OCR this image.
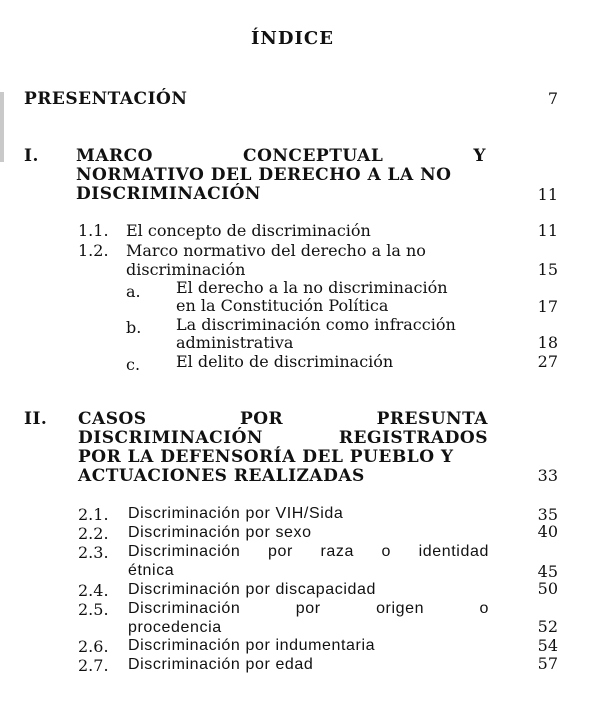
ÍNDICE
PRESENTACIÓN	7
I. MARCO	CONCEPTUAL	Y
NORMATIVO DEL DERECHO A LA NO
DISCRIMINACIÓN	11
1.1. El concepto de discriminación	11
1.2. Marco normativo del derecho a la no
discriminación	15
a. El derecho a la no discriminación
en la Constitución Política	17
b. La discriminación como infracción
administrativa	18
c. El delito de discriminación	27
II. CASOS	POR	PRESUNTA
DISCRIMINACIÓN	REGISTRADOS
POR LA DEFENSORÍA DEL PUEBLO Y
ACTUACIONES REALIZADAS	33
2.1. Discriminación por VIH/Sida	35
2.2. Discriminación por sexo	40
2.3. Discriminación por raza o identidad
étnica	45
2.4. Discriminación por discapacidad	50
2.5. Discriminación	por	origen	o
procedencia	52
2.6. Discriminación por indumentaria	54
2.7. Discriminación por edad	57
